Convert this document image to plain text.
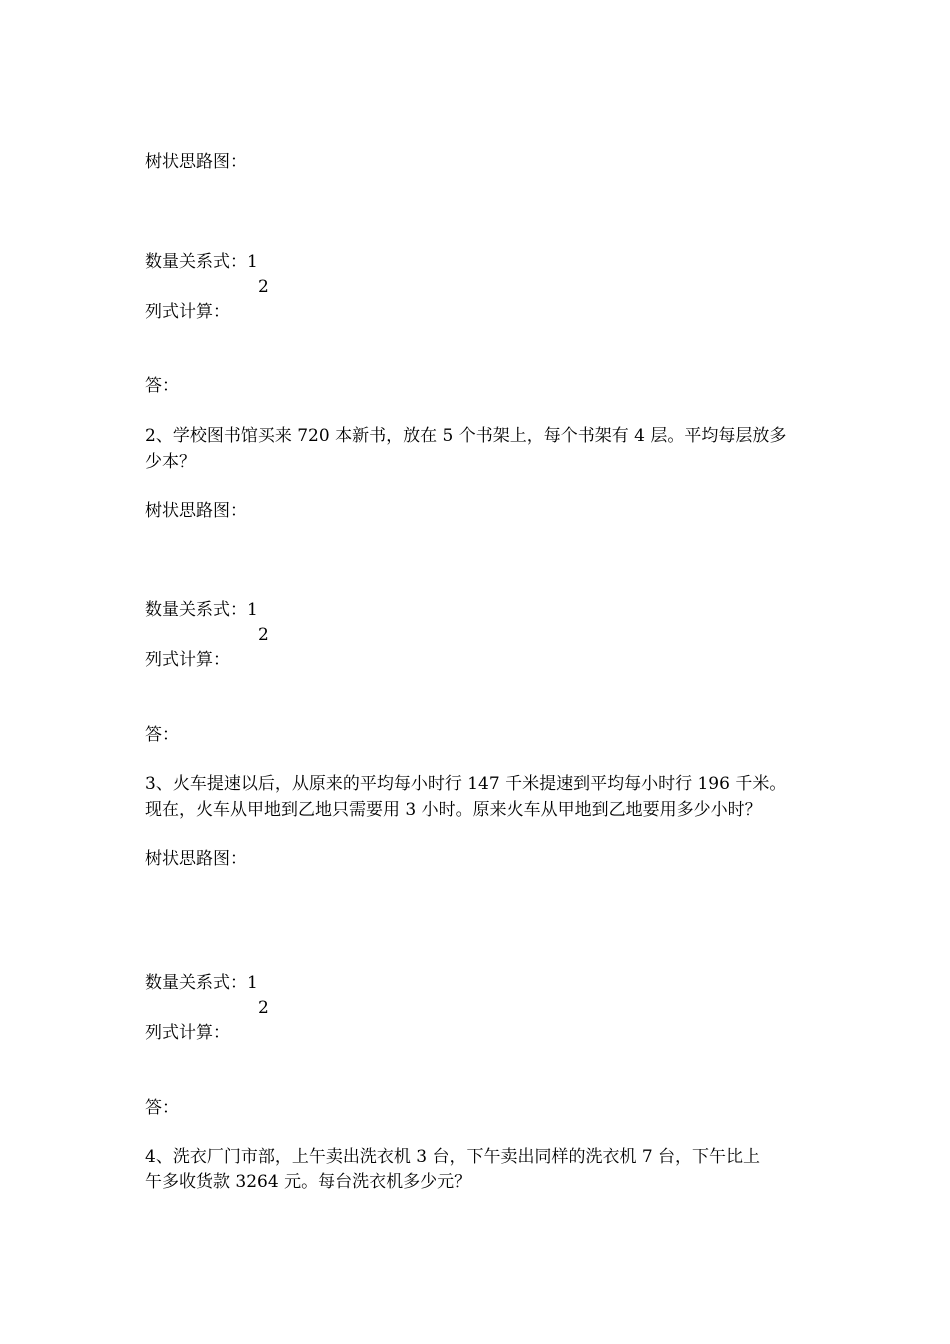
树状思路图：
数量关系式：1
2
列式计算：
答：
2、学校图书馆买来 720 本新书，放在 5 个书架上，每个书架有 4 层。平均每层放多
少本？
树状思路图：
数量关系式：1
2
列式计算：
答：
3、火车提速以后，从原来的平均每小时行 147 千米提速到平均每小时行 196 千米。
现在，火车从甲地到乙地只需要用 3 小时。原来火车从甲地到乙地要用多少小时？
树状思路图：
数量关系式：1
2
列式计算：
答：
4、洗衣厂门市部，上午卖出洗衣机 3 台，下午卖出同样的洗衣机 7 台，下午比上
午多收货款 3264 元。每台洗衣机多少元？
